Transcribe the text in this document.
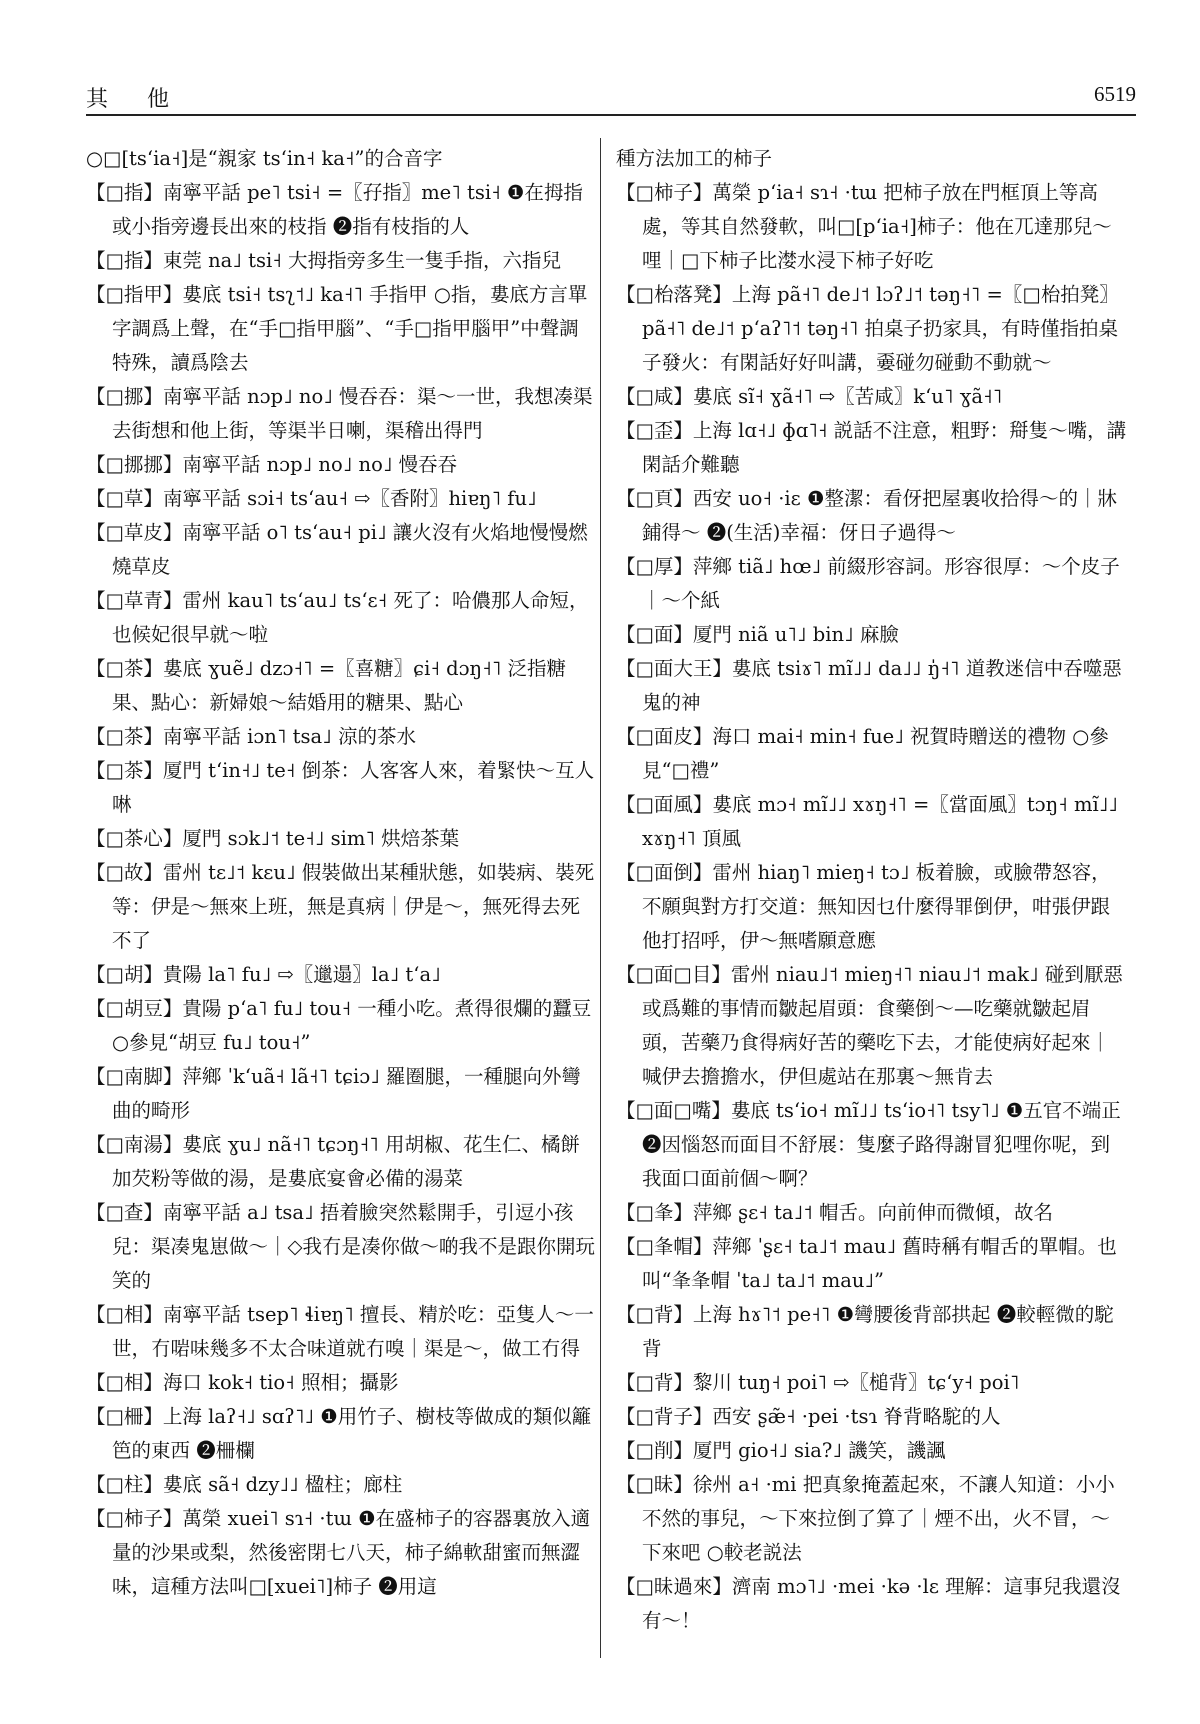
其 他	6519
○□[tsʻia˧]是“親家 tsʻin˧ ka˧”的合音字
【□指】南寧平話 pe˥ tsi˧ =〖孖指〗me˥ tsi˧ ❶在拇指或小指旁邊長出來的枝指 ❷指有枝指的人
【□指】東莞 na˩ tsi˧ 大拇指旁多生一隻手指，六指兒
【□指甲】婁底 tsi˧ tsʅ˦˩ ka˧˥ 手指甲 ○指，婁底方言單字調爲上聲，在“手□指甲腦”、“手□指甲腦甲”中聲調特殊，讀爲陰去
【□挪】南寧平話 nɔp˩ no˩ 慢吞吞：渠～一世，我想凑渠去街想和他上街，等渠半日喇，渠稽出得門
【□挪挪】南寧平話 nɔp˩ no˩ no˩ 慢吞吞
【□草】南寧平話 sɔi˧ tsʻau˧ ⇨〖香附〗hiɐŋ˥ fu˩
【□草皮】南寧平話 o˥ tsʻau˧ pi˩ 讓火沒有火焰地慢慢燃燒草皮
【□草青】雷州 kau˥ tsʻau˩ tsʻɛ˧ 死了：哈儂那人命短，也候妃很早就～啦
【□茶】婁底 ɣuẽ˩ dzɔ˧˥ =〖喜糖〗ɕi˧ dɔŋ˧˥ 泛指糖果、點心：新婦娘～結婚用的糖果、點心
【□茶】南寧平話 iɔn˥ tsa˩ 涼的茶水
【□茶】厦門 tʻin˧˩ te˧ 倒茶：人客客人來，着緊快～互人啉
【□茶心】厦門 sɔk˩˦ te˧˩ sim˥ 烘焙茶葉
【□故】雷州 tɛ˩˦ kɛu˩ 假裝做出某種狀態，如裝病、裝死等：伊是～無來上班，無是真病｜伊是～，無死得去死不了
【□胡】貴陽 la˥ fu˩ ⇨〖邋遢〗la˩ tʻa˩
【□胡豆】貴陽 pʻa˥ fu˩ tou˧ 一種小吃。煮得很爛的蠶豆 ○參見“胡豆 fu˩ tou˧”
【□南脚】萍鄉 ˈkʻuã˧ lã˧˥ tɕiɔ˩ 羅圈腿，一種腿向外彎曲的畸形
【□南湯】婁底 ɣu˩ nã˧˥ tɕɔŋ˧˥ 用胡椒、花生仁、橘餅加芡粉等做的湯，是婁底宴會必備的湯菜
【□查】南寧平話 a˩ tsa˩ 捂着臉突然鬆開手，引逗小孩兒：渠凑鬼崽做～｜◇我冇是凑你做～啲我不是跟你開玩笑的
【□相】南寧平話 tsep˥ ɬiɐŋ˥ 擅長、精於吃：亞隻人～一世，冇啱味幾多不太合味道就冇嗅｜渠是～，做工冇得
【□相】海口 kok˧ tio˧ 照相；攝影
【□柵】上海 laʔ˧˩ sɑʔ˥˩ ❶用竹子、樹枝等做成的類似籬笆的東西 ❷柵欄
【□柱】婁底 sã˧ dzy˩˩ 楹柱；廊柱
【□柿子】萬榮 xuei˥ sɿ˧ ·tɯ ❶在盛柿子的容器裏放入適量的沙果或梨，然後密閉七八天，柿子綿軟甜蜜而無澀味，這種方法叫□[xuei˥]柿子 ❷用這
種方法加工的柿子
【□柿子】萬榮 pʻia˧ sɿ˧ ·tɯ 把柿子放在門框頂上等高處，等其自然發軟，叫□[pʻia˧]柿子：他在兀達那兒～哩｜□下柿子比漤水浸下柿子好吃
【□枱落凳】上海 pã˧˥ de˩˦ lɔʔ˩˦ təŋ˧˥ =〖□枱拍凳〗pã˧˥ de˩˦ pʻaʔ˥˦ təŋ˧˥ 拍桌子扔家具，有時僅指拍桌子發火：有閑話好好叫講，嫑碰勿碰動不動就～
【□咸】婁底 sĩ˧ ɣã˧˥ ⇨〖苦咸〗kʻu˥ ɣã˧˥
【□歪】上海 lɑ˧˩ ɸɑ˥˧ 説話不注意，粗野：搿隻～嘴，講閑話介難聽
【□頁】西安 uo˧ ·iɛ ❶整潔：看伢把屋裏收拾得～的｜牀鋪得～ ❷(生活)幸福：伢日子過得～
【□厚】萍鄉 tiã˩ hœ˩ 前綴形容詞。形容很厚：～个皮子｜～个紙
【□面】厦門 niã u˥˩ bin˩ 麻臉
【□面大王】婁底 tsiɤ˥ mĩ˩˩ da˩˩ ŋ̍˧˥ 道教迷信中吞噬惡鬼的神
【□面皮】海口 mai˧ min˧ fue˩ 祝賀時贈送的禮物 ○參見“□禮”
【□面風】婁底 mɔ˧ mĩ˩˩ xɤŋ˧˥ =〖當面風〗tɔŋ˧ mĩ˩˩ xɤŋ˧˥ 頂風
【□面倒】雷州 hiaŋ˥ mieŋ˧ tɔ˩ 板着臉，或臉帶怒容，不願與對方打交道：無知因乜什麼得罪倒伊，咁張伊跟他打招呼，伊～無嗜願意應
【□面□目】雷州 niau˩˦ mieŋ˧˥ niau˩˦ mak˩ 碰到厭惡或爲難的事情而皺起眉頭：食藥倒～—吃藥就皺起眉頭，苦藥乃食得病好苦的藥吃下去，才能使病好起來｜喊伊去擔擔水，伊但處站在那裏～無肯去
【□面□嘴】婁底 tsʻio˧ mĩ˩˩ tsʻio˧˥ tsy˥˩ ❶五官不端正 ❷因惱怒而面目不舒展：隻麼子路得謝冒犯哩你呢，到我面口面前個～啊？
【□夆】萍鄉 ʂɛ˧ ta˩˦ 帽舌。向前伸而微傾，故名
【□夆帽】萍鄉 ˈʂɛ˧ ta˩˦ mau˩ 舊時稱有帽舌的單帽。也叫“夆夆帽 ˈta˩ ta˩˦ mau˩”
【□背】上海 hɤ˥˦ pe˧˥ ❶彎腰後背部拱起 ❷較輕微的駝背
【□背】黎川 tuŋ˧ poi˥ ⇨〖槌背〗tɕʻy˧ poi˥
【□背子】西安 ʂæ̃˧ ·pei ·tsɿ 脊背略駝的人
【□削】厦門 gio˧˩ sia?˩ 譏笑，譏諷
【□昧】徐州 a˧ ·mi 把真象掩蓋起來，不讓人知道：小小不然的事兒，～下來拉倒了算了｜煙不出，火不冒，～下來吧 ○較老説法
【□昧過來】濟南 mɔ˥˩ ·mei ·kə ·lɛ 理解：這事兒我還沒有～！
